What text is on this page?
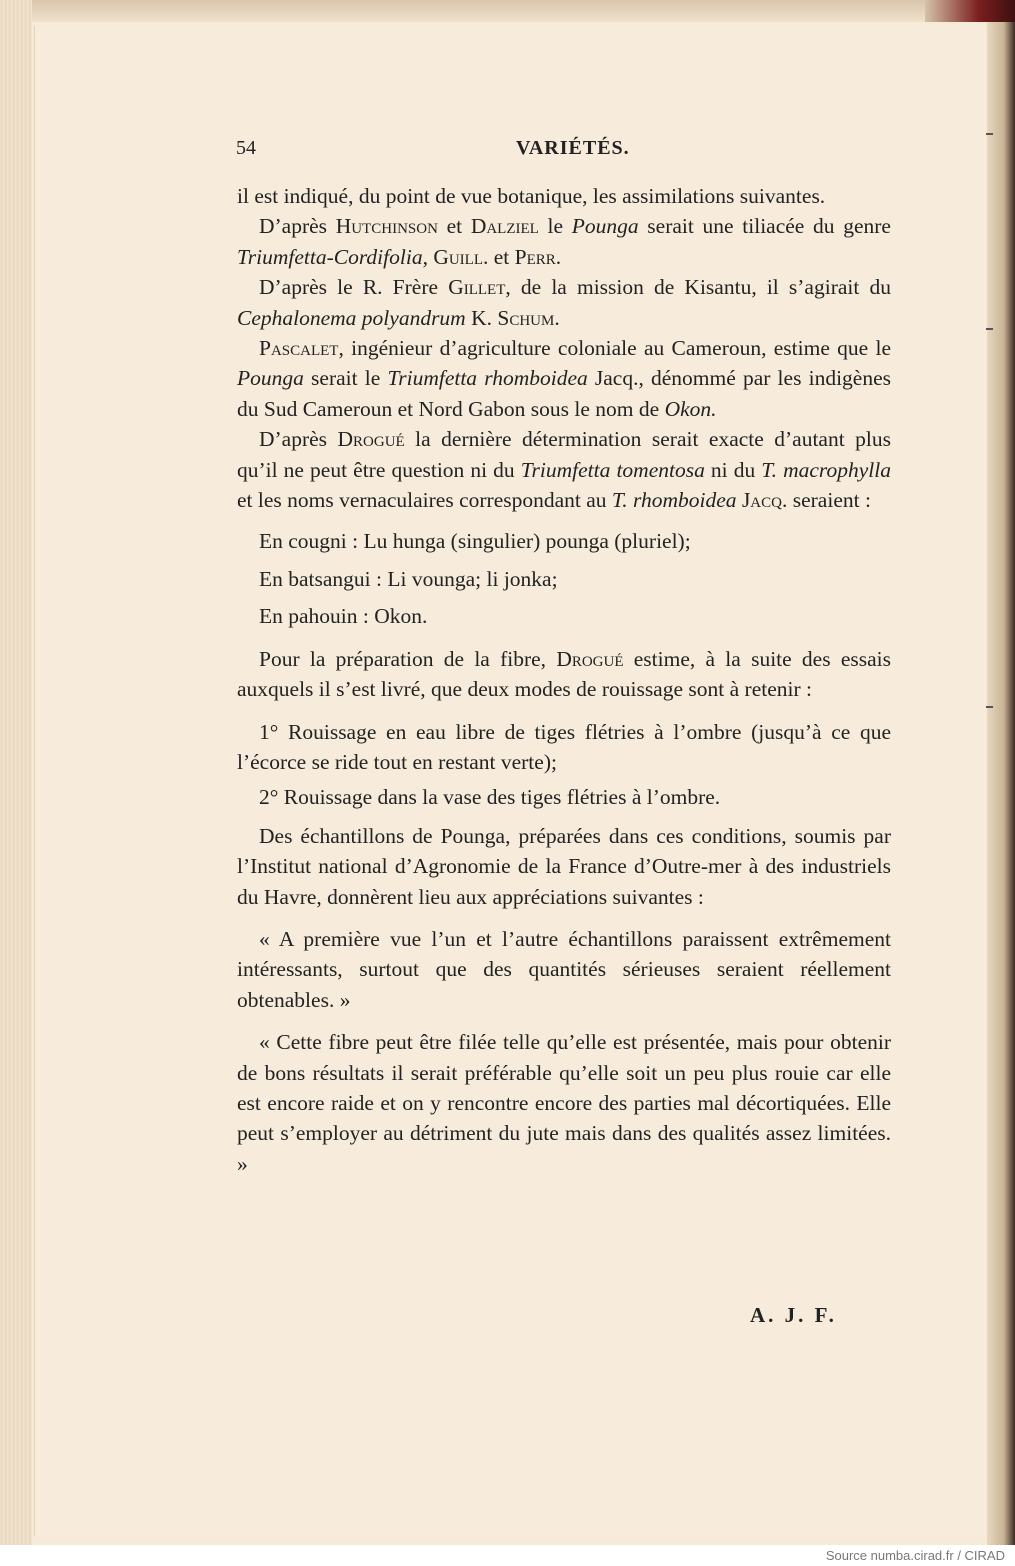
54	VARIÉTÉS.

il est indiqué, du point de vue botanique, les assimilations suivantes.

D’après Hutchinson et Dalziel le Pounga serait une tiliacée du genre Triumfetta-Cordifolia, Guill. et Perr.

D’après le R. Frère Gillet, de la mission de Kisantu, il s’agirait du Cephalonema polyandrum K. Schum.

Pascalet, ingénieur d’agriculture coloniale au Cameroun, estime que le Pounga serait le Triumfetta rhomboidea Jacq., dénommé par les indigènes du Sud Cameroun et Nord Gabon sous le nom de Okon.

D’après Drogué la dernière détermination serait exacte d’autant plus qu’il ne peut être question ni du Triumfetta tomentosa ni du T. macrophylla et les noms vernaculaires correspondant au T. rhomboidea Jacq. seraient :

En cougni : Lu hunga (singulier) pounga (pluriel);

En batsangui : Li vounga; li jonka;

En pahouin : Okon.

Pour la préparation de la fibre, Drogué estime, à la suite des essais auxquels il s’est livré, que deux modes de rouissage sont à retenir :

1° Rouissage en eau libre de tiges flétries à l’ombre (jusqu’à ce que l’écorce se ride tout en restant verte);

2° Rouissage dans la vase des tiges flétries à l’ombre.

Des échantillons de Pounga, préparées dans ces conditions, soumis par l’Institut national d’Agronomie de la France d’Outre-mer à des industriels du Havre, donnèrent lieu aux appréciations suivantes :

« A première vue l’un et l’autre échantillons paraissent extrêmement intéressants, surtout que des quantités sérieuses seraient réellement obtenables. »

« Cette fibre peut être filée telle qu’elle est présentée, mais pour obtenir de bons résultats il serait préférable qu’elle soit un peu plus rouie car elle est encore raide et on y rencontre encore des parties mal décortiquées. Elle peut s’employer au détriment du jute mais dans des qualités assez limitées. »

A. J. F.
Source numba.cirad.fr / CIRAD
